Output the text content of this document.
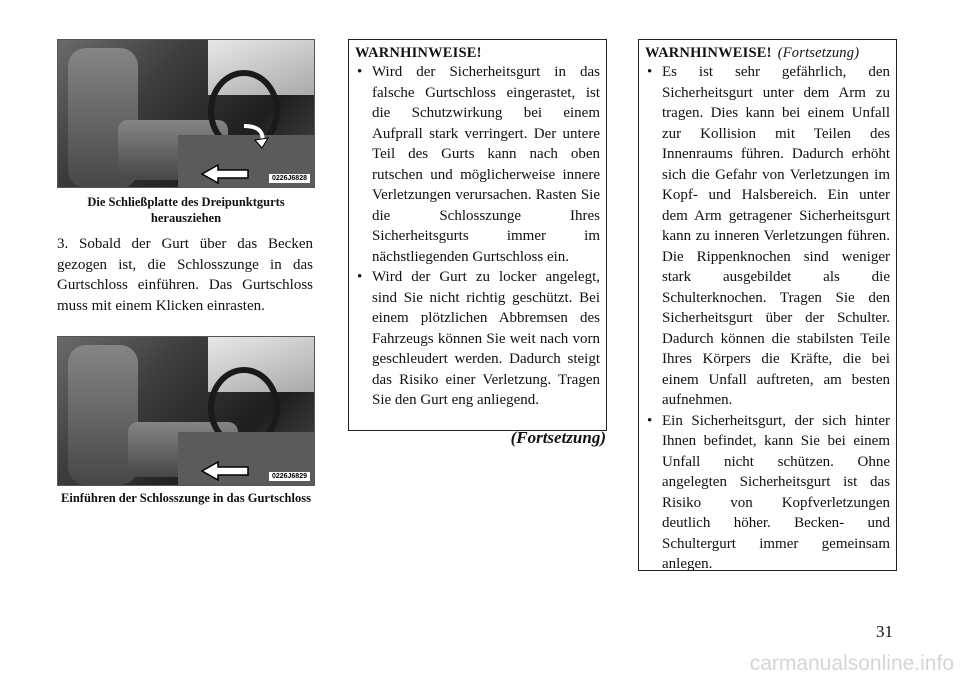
0226J6828
Die Schließplatte des Dreipunktgurts herausziehen
3. Sobald der Gurt über das Becken gezogen ist, die Schlosszunge in das Gurtschloss einführen. Das Gurtschloss muss mit einem Klicken einrasten.
0226J6829
Einführen der Schlosszunge in das Gurtschloss
WARNHINWEISE!
• Wird der Sicherheitsgurt in das falsche Gurtschloss eingerastet, ist die Schutzwirkung bei einem Aufprall stark verringert. Der untere Teil des Gurts kann nach oben rutschen und möglicherweise innere Verletzungen verursachen. Rasten Sie die Schlosszunge Ihres Sicherheitsgurts immer im nächstliegenden Gurtschloss ein.
• Wird der Gurt zu locker angelegt, sind Sie nicht richtig geschützt. Bei einem plötzlichen Abbremsen des Fahrzeugs können Sie weit nach vorn geschleudert werden. Dadurch steigt das Risiko einer Verletzung. Tragen Sie den Gurt eng anliegend.
(Fortsetzung)
WARNHINWEISE! (Fortsetzung)
• Es ist sehr gefährlich, den Sicherheitsgurt unter dem Arm zu tragen. Dies kann bei einem Unfall zur Kollision mit Teilen des Innenraums führen. Dadurch erhöht sich die Gefahr von Verletzungen im Kopf- und Halsbereich. Ein unter dem Arm getragener Sicherheitsgurt kann zu inneren Verletzungen führen. Die Rippenknochen sind weniger stark ausgebildet als die Schulterknochen. Tragen Sie den Sicherheitsgurt über der Schulter. Dadurch können die stabilsten Teile Ihres Körpers die Kräfte, die bei einem Unfall auftreten, am besten aufnehmen.
• Ein Sicherheitsgurt, der sich hinter Ihnen befindet, kann Sie bei einem Unfall nicht schützen. Ohne angelegten Sicherheitsgurt ist das Risiko von Kopfverletzungen deutlich höher. Becken- und Schultergurt immer gemeinsam anlegen.
31
carmanualsonline.info
